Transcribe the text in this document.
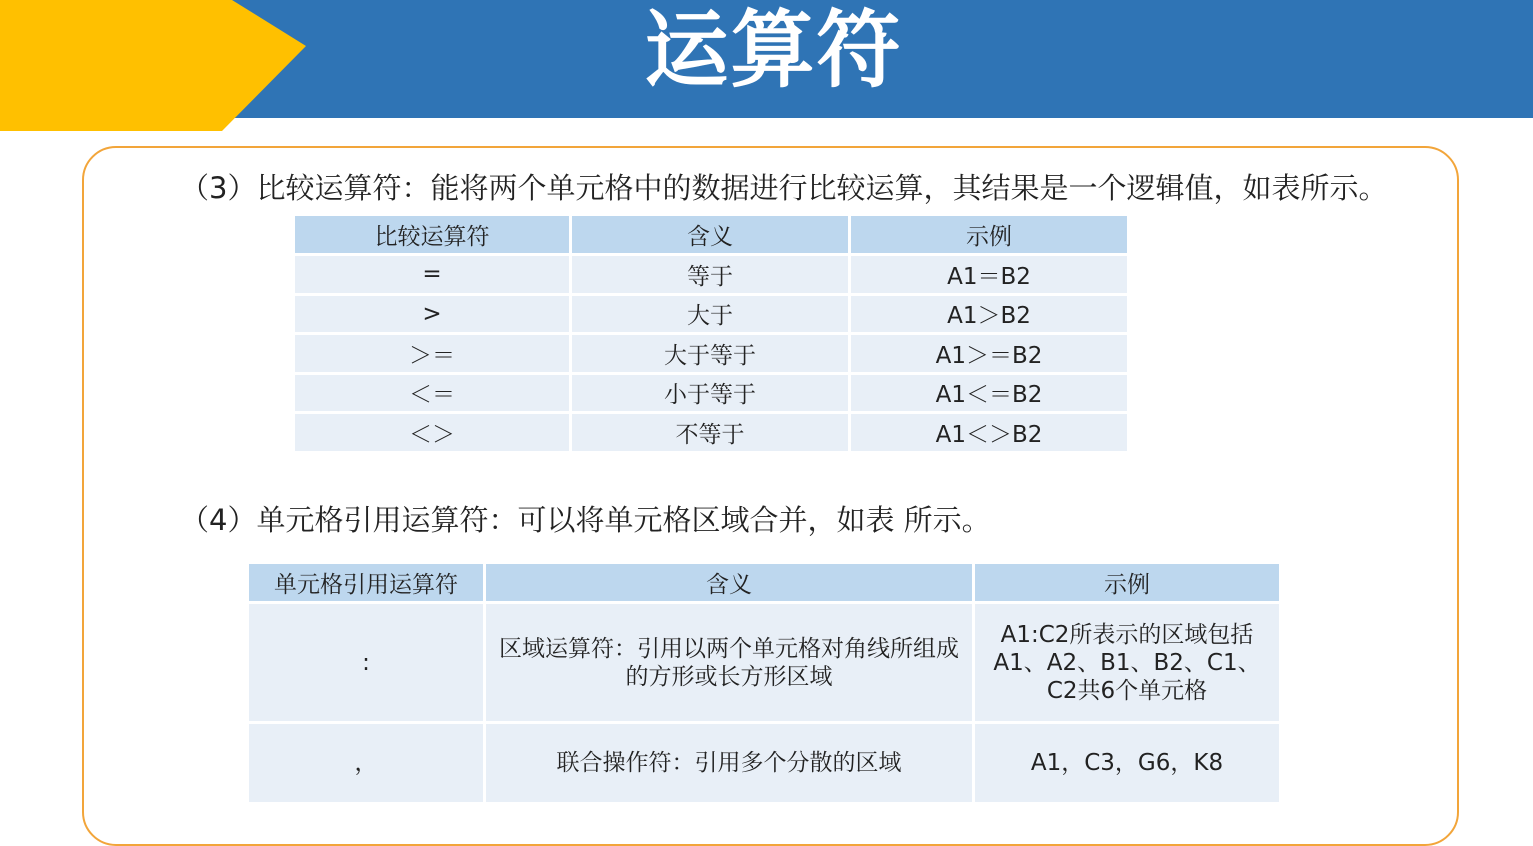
运算符
（3）比较运算符：能将两个单元格中的数据进行比较运算，其结果是一个逻辑值，如表所示。
比较运算符	含义	示例
=	等于	A1＝B2
>	大于	A1＞B2
＞＝	大于等于	A1＞＝B2
＜＝	小于等于	A1＜＝B2
＜＞	不等于	A1＜＞B2
（4）单元格引用运算符：可以将单元格区域合并，如表 所示。
单元格引用运算符	含义	示例
:	区域运算符：引用以两个单元格对角线所组成的方形或长方形区域	A1:C2所表示的区域包括A1、A2、B1、B2、C1、C2共6个单元格
，	联合操作符：引用多个分散的区域	A1，C3，G6，K8
